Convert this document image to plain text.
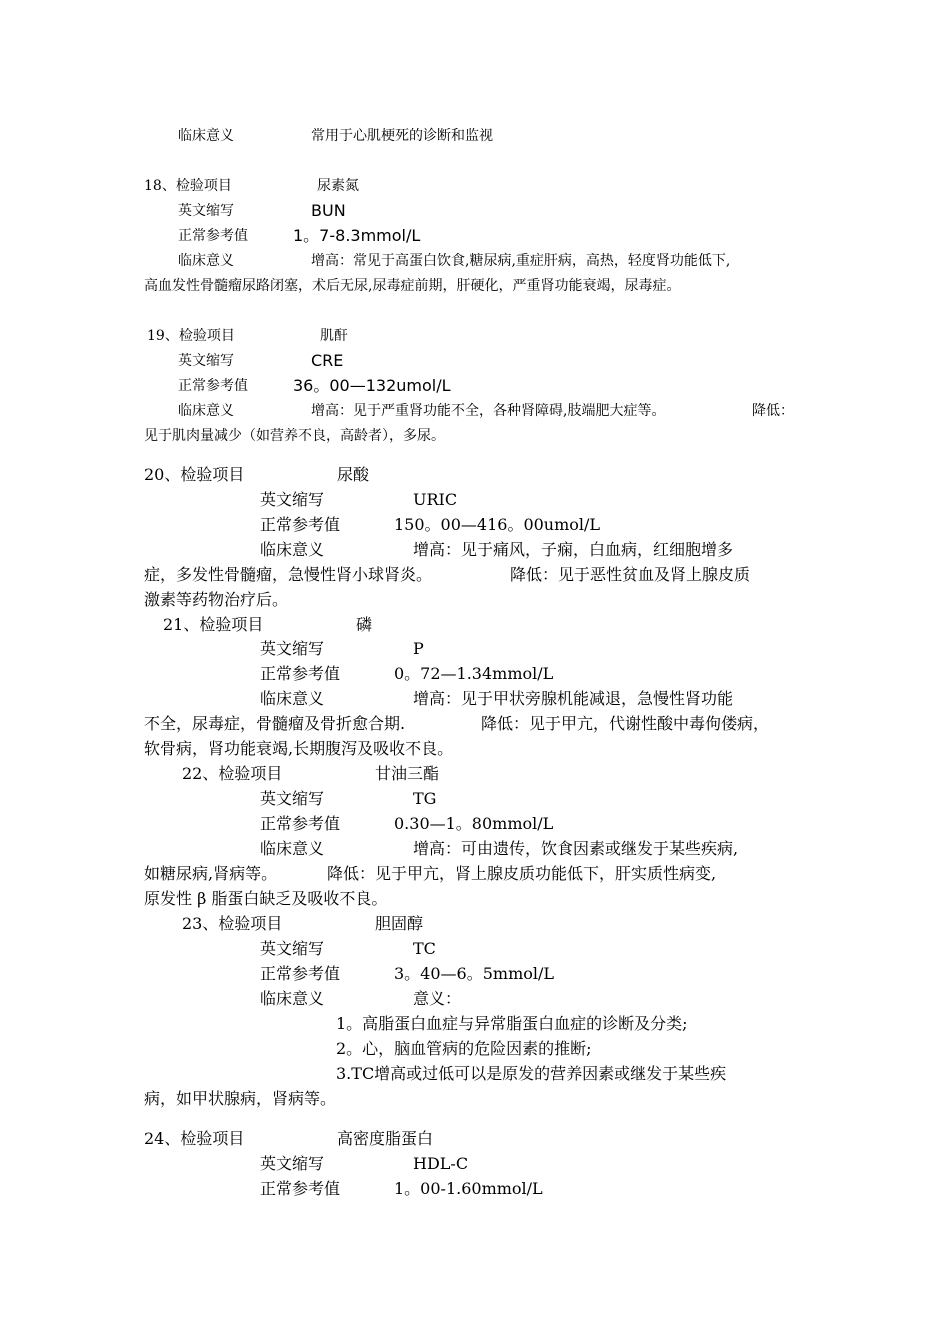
临床意义	常用于心肌梗死的诊断和监视
18、检验项目	尿素氮
英文缩写	BUN
正常参考值	1。7-8.3mmol/L
临床意义	增高：常见于高蛋白饮食,糖尿病,重症肝病，高热，轻度肾功能低下,
高血发性骨髓瘤尿路闭塞，术后无尿,尿毒症前期，肝硬化，严重肾功能衰竭，尿毒症。
19、检验项目	肌酐
英文缩写	CRE
正常参考值	36。00—132umol/L
临床意义	增高：见于严重肾功能不全，各种肾障碍,肢端肥大症等。	降低：
见于肌肉量减少（如营养不良，高龄者），多尿。
20、检验项目	尿酸
英文缩写	URIC
正常参考值	150。00—416。00umol/L
临床意义	增高：见于痛风，子痫，白血病，红细胞增多
症，多发性骨髓瘤，急慢性肾小球肾炎。	降低：见于恶性贫血及肾上腺皮质
激素等药物治疗后。
21、检验项目	磷
英文缩写	P
正常参考值	0。72—1.34mmol/L
临床意义	增高：见于甲状旁腺机能减退，急慢性肾功能
不全，尿毒症，骨髓瘤及骨折愈合期.	降低：见于甲亢，代谢性酸中毒佝偻病，
软骨病，肾功能衰竭,长期腹泻及吸收不良。
22、检验项目	甘油三酯
英文缩写	TG
正常参考值	0.30—1。80mmol/L
临床意义	增高：可由遗传，饮食因素或继发于某些疾病,
如糖尿病,肾病等。	降低：见于甲亢，肾上腺皮质功能低下，肝实质性病变,
原发性 β 脂蛋白缺乏及吸收不良。
23、检验项目	胆固醇
英文缩写	TC
正常参考值	3。40—6。5mmol/L
临床意义	意义：
1。高脂蛋白血症与异常脂蛋白血症的诊断及分类;
2。心，脑血管病的危险因素的推断;
3.TC增高或过低可以是原发的营养因素或继发于某些疾
病，如甲状腺病，肾病等。
24、检验项目	高密度脂蛋白
英文缩写	HDL-C
正常参考值	1。00-1.60mmol/L
